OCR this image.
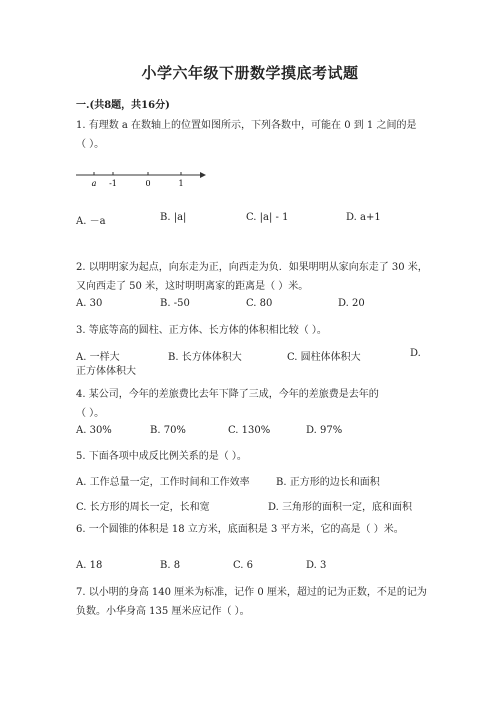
小学六年级下册数学摸底考试题
一.(共8题，共16分)
1. 有理数 a 在数轴上的位置如图所示，下列各数中，可能在 0 到 1 之间的是
（ ）。
a -1	0	1
A. －a	B. |a|	C. |a| - 1	D. a+1
2. 以明明家为起点，向东走为正，向西走为负．如果明明从家向东走了 30 米，
又向西走了 50 米，这时明明离家的距离是（ ）米。
A. 30	B. -50	C. 80	D. 20
3. 等底等高的圆柱、正方体、长方体的体积相比较（ ）。
A. 一样大	B. 长方体体积大	C. 圆柱体体积大	D.
正方体体积大
4. 某公司，今年的差旅费比去年下降了三成，今年的差旅费是去年的
（ ）。
A. 30%	B. 70%	C. 130%	D. 97%
5. 下面各项中成反比例关系的是（ ）。
A. 工作总量一定，工作时间和工作效率	B. 正方形的边长和面积
C. 长方形的周长一定，长和宽	D. 三角形的面积一定，底和面积
6. 一个圆锥的体积是 18 立方米，底面积是 3 平方米，它的高是（ ）米。
A. 18	B. 8	C. 6	D. 3
7. 以小明的身高 140 厘米为标准，记作 0 厘米，超过的记为正数，不足的记为
负数。小华身高 135 厘米应记作（ ）。
